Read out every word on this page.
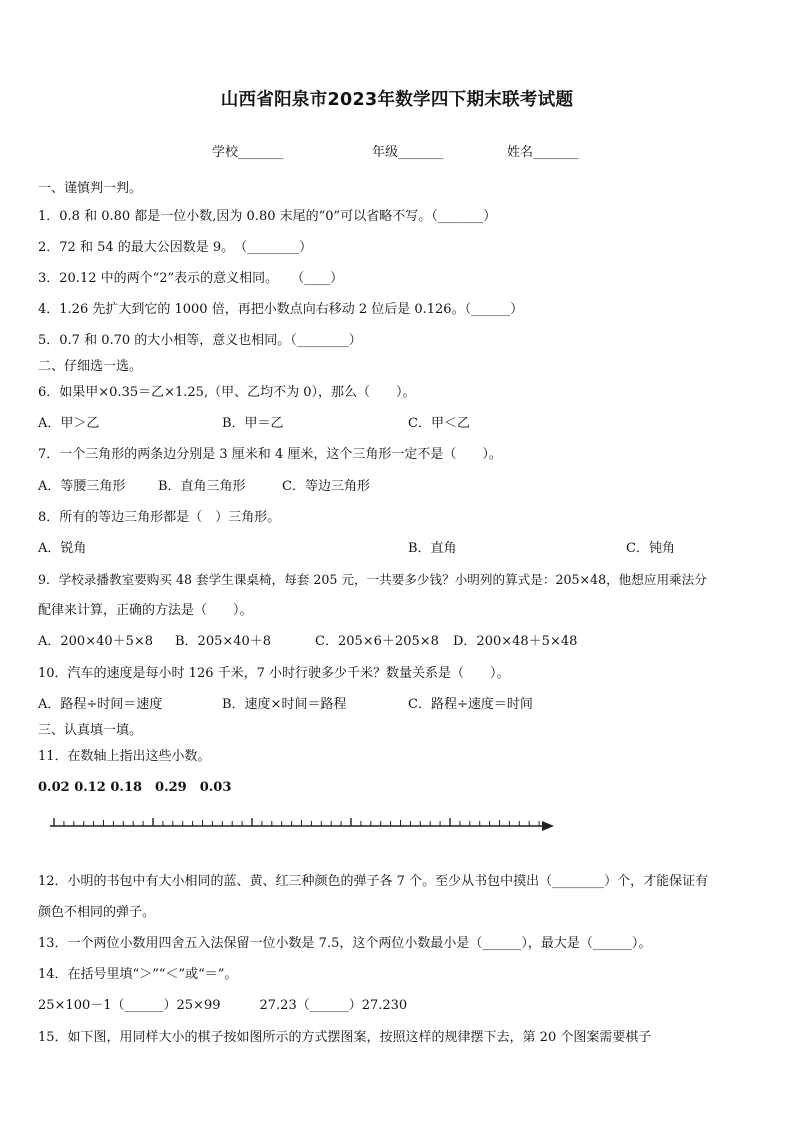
山西省阳泉市2023年数学四下期末联考试题
学校_______	年级_______	姓名_______
一、谨慎判一判。
1．0.8 和 0.80 都是一位小数,因为 0.80 末尾的“0”可以省略不写。（_______）
2．72 和 54 的最大公因数是 9。　（________）
3．20.12 中的两个“2”表示的意义相同。　　（____）
4．1.26 先扩大到它的 1000 倍，再把小数点向右移动 2 位后是 0.126。（______）
5．0.7 和 0.70 的大小相等，意义也相同。（________）
二、仔细选一选。
6．如果甲×0.35＝乙×1.25,（甲、乙均不为 0），那么（　　）。
A．甲＞乙	B．甲＝乙	C．甲＜乙
7．一个三角形的两条边分别是 3 厘米和 4 厘米，这个三角形一定不是（　　）。
A．等腰三角形	B．直角三角形	C．等边三角形
8．所有的等边三角形都是（　）三角形。
A．锐角	B．直角	C．钝角
9．学校录播教室要购买 48 套学生课桌椅，每套 205 元，一共要多少钱？小明列的算式是：205×48，他想应用乘法分
配律来计算，正确的方法是（　　）。
A．200×40＋5×8 B．205×40＋8	C．205×6＋205×8 D．200×48＋5×48
10．汽车的速度是每小时 126 千米，7 小时行驶多少千米？数量关系是（　　）。
A．路程÷时间＝速度	B．速度×时间＝路程	C．路程÷速度＝时间
三、认真填一填。
11．在数轴上指出这些小数。
0.02 0.12 0.18　0.29　0.03
12．小明的书包中有大小相同的蓝、黄、红三种颜色的弹子各 7 个。至少从书包中摸出（________）个，才能保证有
颜色不相同的弹子。
13．一个两位小数用四舍五入法保留一位小数是 7.5，这个两位小数最小是（______），最大是（______）。
14．在括号里填“＞”“＜”或“＝”。
25×100－1（______）25×99　　　27.23（______）27.230
15．如下图，用同样大小的棋子按如图所示的方式摆图案，按照这样的规律摆下去，第 20 个图案需要棋子
